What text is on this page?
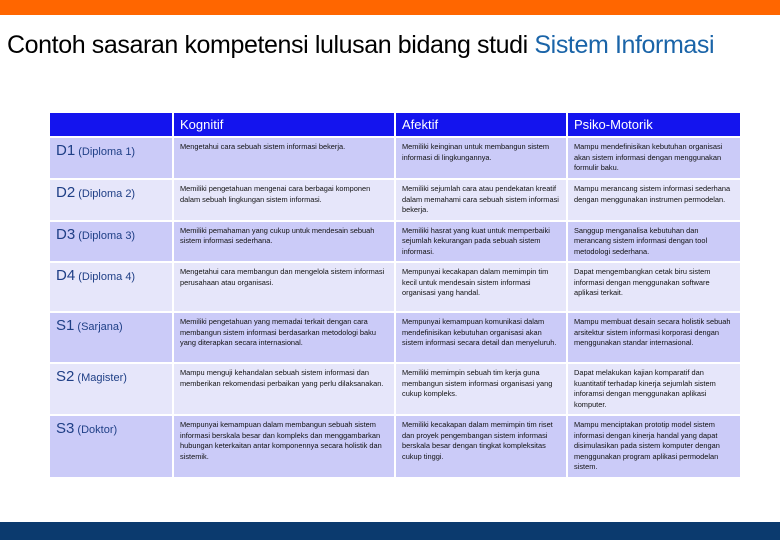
Contoh sasaran kompetensi lulusan bidang studi Sistem Informasi
	Kognitif	Afektif	Psiko-Motorik
D1 (Diploma 1)	Mengetahui cara sebuah sistem informasi bekerja.	Memiliki keinginan untuk membangun sistem informasi di lingkungannya.	Mampu mendefinisikan kebutuhan organisasi akan sistem informasi dengan menggunakan formulir baku.
D2 (Diploma 2)	Memiliki pengetahuan mengenai cara berbagai komponen dalam sebuah lingkungan sistem informasi.	Memiliki sejumlah cara atau pendekatan kreatif dalam memahami cara sebuah sistem informasi bekerja.	Mampu merancang sistem informasi sederhana dengan menggunakan instrumen permodelan.
D3 (Diploma 3)	Memiliki pemahaman yang cukup untuk mendesain sebuah sistem informasi sederhana.	Memiliki hasrat yang kuat untuk memperbaiki sejumlah kekurangan pada sebuah sistem informasi.	Sanggup menganalisa kebutuhan dan merancang sistem informasi dengan tool metodologi sederhana.
D4 (Diploma 4)	Mengetahui cara membangun dan mengelola sistem informasi perusahaan atau organisasi.	Mempunyai kecakapan dalam memimpin tim kecil untuk mendesain sistem informasi organisasi yang handal.	Dapat mengembangkan cetak biru sistem informasi dengan menggunakan software aplikasi terkait.
S1 (Sarjana)	Memiliki pengetahuan yang memadai terkait dengan cara membangun sistem informasi berdasarkan metodologi baku yang diterapkan secara internasional.	Mempunyai kemampuan komunikasi dalam mendefinisikan kebutuhan organisasi akan sistem informasi secara detail dan menyeluruh.	Mampu membuat desain secara holistik sebuah arsitektur sistem informasi korporasi dengan menggunakan standar internasional.
S2 (Magister)	Mampu menguji kehandalan sebuah sistem informasi dan memberikan rekomendasi perbaikan yang perlu dilaksanakan.	Memiliki memimpin sebuah tim kerja guna membangun sistem informasi organisasi yang cukup kompleks.	Dapat melakukan kajian komparatif dan kuantitatif terhadap kinerja sejumlah sistem inforamsi dengan menggunakan aplikasi komputer.
S3 (Doktor)	Mempunyai kemampuan dalam membangun sebuah sistem informasi berskala besar dan kompleks dan menggambarkan hubungan keterkaitan antar komponennya secara holistik dan sistemik.	Memiliki kecakapan dalam memimpin tim riset dan proyek pengembangan sistem informasi berskala besar dengan tingkat kompleksitas cukup tinggi.	Mampu menciptakan prototip model sistem informasi dengan kinerja handal yang dapat disimulasikan pada sistem komputer dengan menggunakan program aplikasi permodelan sistem.
